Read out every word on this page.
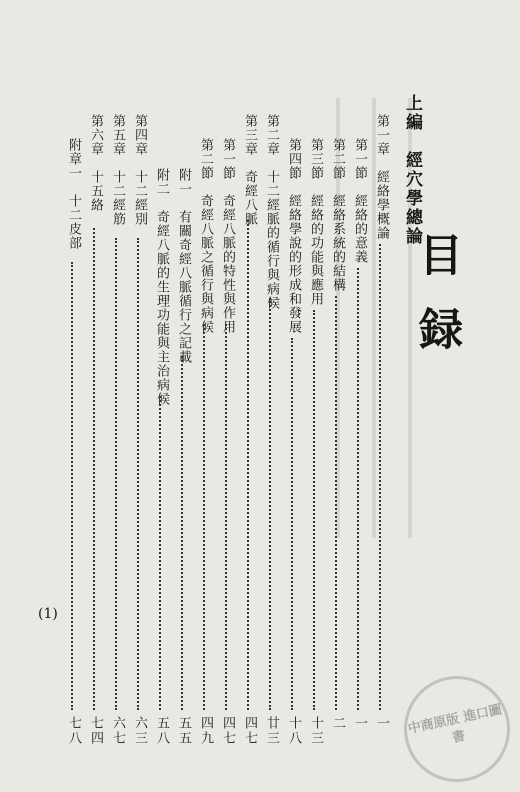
目録
上編　經穴學總論
第一章　經絡學概論
第一節　經絡的意義
第二節　經絡系統的結構
第三節　經絡的功能與應用
第四節　經絡學說的形成和發展
第二章　十二經脈的循行與病候
第三章　奇經八脈
第一節　奇經八脈的特性與作用
第二節　奇經八脈之循行與病候
附一　有關奇經八脈循行之記載
附二　奇經八脈的生理功能與主治病候
第四章　十二經別
第五章　十二經筋
第六章　十五絡
附章一　十二皮部
一
一
二
十三
十八
廿三
四七
四七
四九
五五
五八
六三
六七
七四
七八
(1)
中商原版 進口圖書
